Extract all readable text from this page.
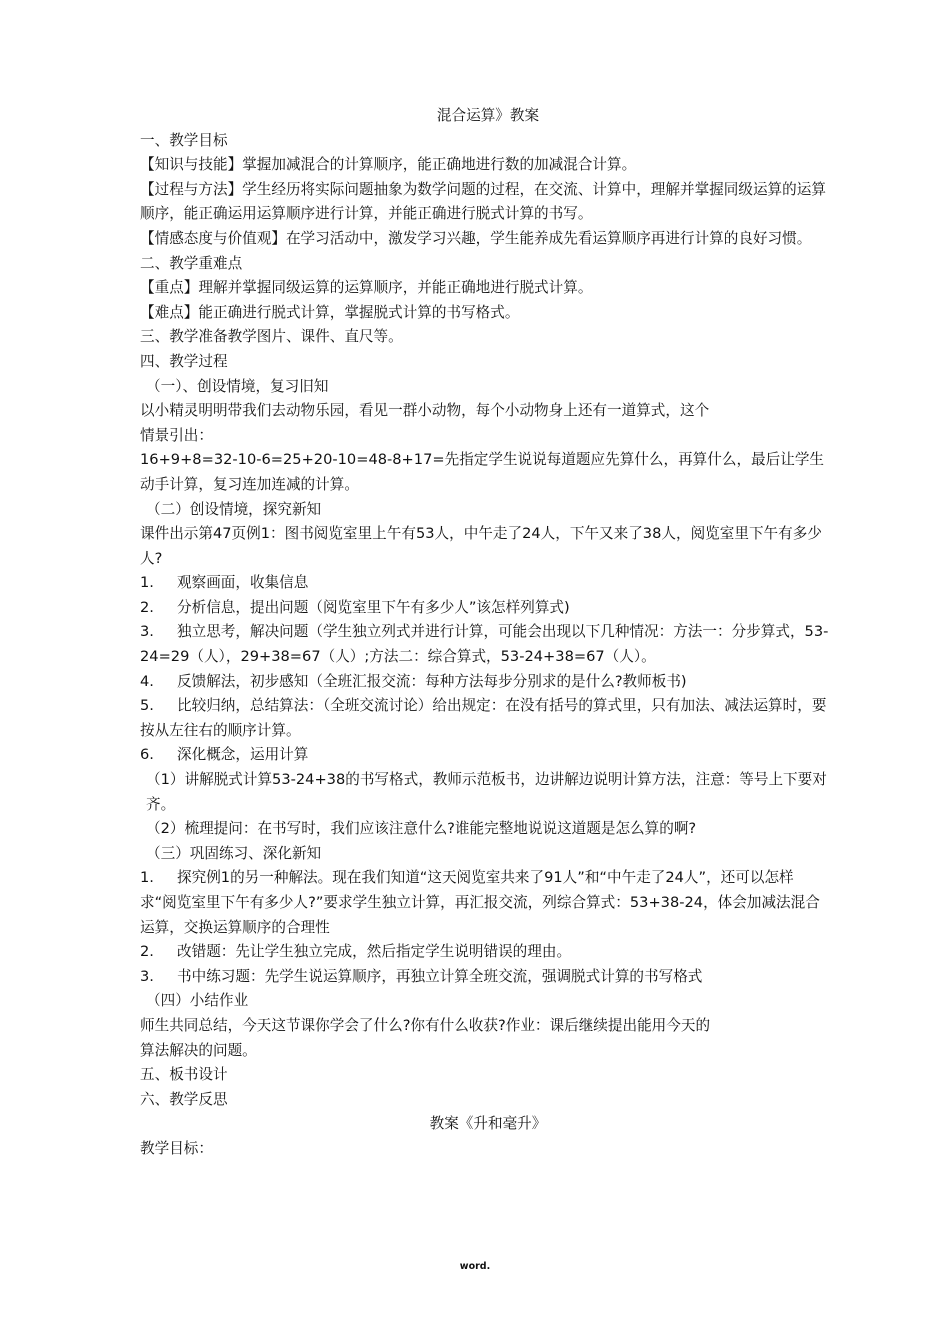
混合运算》教案

一、教学目标

【知识与技能】掌握加减混合的计算顺序，能正确地进行数的加减混合计算。

【过程与方法】学生经历将实际问题抽象为数学问题的过程，在交流、计算中，理解并掌握同级运算的运算顺序，能正确运用运算顺序进行计算，并能正确进行脱式计算的书写。

【情感态度与价值观】在学习活动中，激发学习兴趣，学生能养成先看运算顺序再进行计算的良好习惯。

二、教学重难点

【重点】理解并掌握同级运算的运算顺序，并能正确地进行脱式计算。

【难点】能正确进行脱式计算，掌握脱式计算的书写格式。

三、教学准备教学图片、课件、直尺等。

四、教学过程

（一）、创设情境，复习旧知

以小精灵明明带我们去动物乐园，看见一群小动物，每个小动物身上还有一道算式，这个

情景引出：

16+9+8=32-10-6=25+20-10=48-8+17=先指定学生说说每道题应先算什么，再算什么，最后让学生动手计算，复习连加连减的计算。

（二）创设情境，探究新知

课件出示第47页例1：图书阅览室里上午有53人，中午走了24人，下午又来了38人，阅览室里下午有多少人?

1. 观察画面，收集信息

2. 分析信息，提出问题（阅览室里下午有多少人”该怎样列算式)

3. 独立思考，解决问题（学生独立列式并进行计算，可能会出现以下几种情况：方法一：分步算式，53-24=29（人），29+38=67（人）;方法二：综合算式，53-24+38=67（人）。

4. 反馈解法，初步感知（全班汇报交流：每种方法每步分别求的是什么?教师板书)

5. 比较归纳，总结算法：（全班交流讨论）给出规定：在没有括号的算式里，只有加法、减法运算时，要按从左往右的顺序计算。

6. 深化概念，运用计算

（1）讲解脱式计算53-24+38的书写格式，教师示范板书，边讲解边说明计算方法，注意：等号上下要对齐。

（2）梳理提问：在书写时，我们应该注意什么?谁能完整地说说这道题是怎么算的啊?

（三）巩固练习、深化新知

1. 探究例1的另一种解法。现在我们知道“这天阅览室共来了91人”和“中午走了24人”，还可以怎样求“阅览室里下午有多少人?”要求学生独立计算，再汇报交流，列综合算式：53+38-24，体会加减法混合运算，交换运算顺序的合理性

2. 改错题：先让学生独立完成，然后指定学生说明错误的理由。

3. 书中练习题：先学生说运算顺序，再独立计算全班交流，强调脱式计算的书写格式

（四）小结作业

师生共同总结，今天这节课你学会了什么?你有什么收获?作业：课后继续提出能用今天的

算法解决的问题。

五、板书设计

六、教学反思

教案《升和毫升》

教学目标：

word.
